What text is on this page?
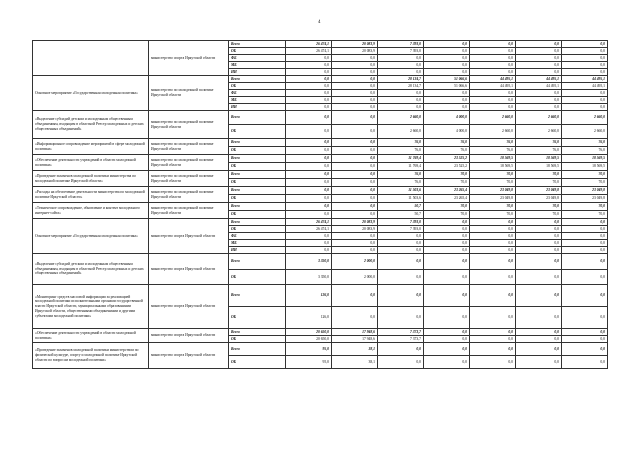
4
	министерство спорта Иркутской области	Всего	26 474,1	20 083,9	7 393,0	0,0	0,0	0,0	0,0
		ОБ	26 474,1	20 083,9	7 393,0	0,0	0,0	0,0	0,0
		ФБ	0,0	0,0	0,0	0,0	0,0	0,0	0,0
		МБ	0,0	0,0	0,0	0,0	0,0	0,0	0,0
		ИИ	0,0	0,0	0,0	0,0	0,0	0,0	0,0
Основное мероприятие «Государственная молодежная политика»	министерство по молодежной политике Иркутской области	Всего	0,0	0,0	28 134,7	51 066,6	44 495,1	44 495,1	44 495,1
		ОБ	0,0	0,0	28 134,7	51 066,6	44 495,1	44 495,1	44 495,1
		ФБ	0,0	0,0	0,0	0,0	0,0	0,0	0,0
		МБ	0,0	0,0	0,0	0,0	0,0	0,0	0,0
		ИИ	0,0	0,0	0,0	0,0	0,0	0,0	0,0
«Выделение субсидий детским и молодежным общественным объединениям, входящим в областной Реестр молодежных и детских общественных объединений»	министерство по молодежной политике Иркутской области	Всего	0,0	0,0	2 660,0	4 000,0	2 660,0	2 660,0	2 660,0
		ОБ	0,0	0,0	2 660,0	4 000,0	2 660,0	2 660,0	2 660,0
«Информационное сопровождение мероприятий в сфере молодежной политики»	министерство по молодежной политике Иркутской области	Всего	0,0	0,0	76,0	76,0	76,0	76,0	76,0
		ОБ	0,0	0,0	76,0	76,0	76,0	76,0	76,0
«Обеспечение деятельности учреждений в области молодежной политики»	министерство по молодежной политике Иркутской области	Всего	0,0	0,0	11 769,4	23 525,2	18 569,5	18 569,5	18 569,5
		ОБ	0,0	0,0	11 769,4	23 525,2	18 569,5	18 569,5	18 569,5
«Проведение экзаменов молодежной политики министерства по молодежной политике Иркутской области»	министерство по молодежной политике Иркутской области	Всего	0,0	0,0	76,0	70,0	70,0	70,0	70,0
		ОБ	0,0	0,0	76,0	70,0	70,0	70,0	70,0
«Расходы на обеспечение деятельности министерства по молодежной политике Иркутской области»	министерство по молодежной политике Иркутской области	Всего	0,0	0,0	11 503,6	23 265,4	23 049,8	23 049,8	23 049,8
		ОБ	0,0	0,0	11 503,6	23 265,4	23 049,8	23 049,8	23 049,8
«Техническое сопровождение, обновление и контент молодежного интернет-сайта»	министерство по молодежной политике Иркутской области	Всего	0,0	0,0	50,7	70,0	70,0	70,0	70,0
		ОБ	0,0	0,0	50,7	70,0	70,0	70,0	70,0
Основное мероприятие «Государственная молодежная политика»	министерство спорта Иркутской области	Всего	26 474,1	20 083,9	7 393,0	0,0	0,0	0,0	0,0
		ОБ	26 474,1	20 083,9	7 393,0	0,0	0,0	0,0	0,0
		ФБ	0,0	0,0	0,0	0,0	0,0	0,0	0,0
		МБ	0,0	0,0	0,0	0,0	0,0	0,0	0,0
		ИИ	0,0	0,0	0,0	0,0	0,0	0,0	0,0
«Выделение субсидий детским и молодежным общественным объединениям, входящим в областной Реестр молодежных и детских общественных объединений»	министерство спорта Иркутской области	Всего	3 350,0	2 000,0	0,0	0,0	0,0	0,0	0,0
		ОБ	3 350,0	2 000,0	0,0	0,0	0,0	0,0	0,0
«Мониторинг средств массовой информации за реализацией молодежной политики исполнительными органами государственной власти Иркутской области, муниципальными образованиями Иркутской области, общественными объединениями и другими субъектами молодежной политики»	министерство спорта Иркутской области	Всего	126,0	0,0	0,0	0,0	0,0	0,0	0,0
		ОБ	126,0	0,0	0,0	0,0	0,0	0,0	0,0
«Обеспечение деятельности учреждений в области молодежной политики»	министерство спорта Иркутской области	Всего	20 650,0	17 948,6	7 373,7	0,0	0,0	0,0	0,0
		ОБ	20 650,0	17 948,6	7 373,7	0,0	0,0	0,0	0,0
«Проведение экзаменов молодежной политики министерством по физической культуре, спорту и молодежной политике Иркутской области по вопросам молодежной политики»	министерство спорта Иркутской области	Всего	95,0	38,1	0,0	0,0	0,0	0,0	0,0
		ОБ	95,0	38,1	0,0	0,0	0,0	0,0	0,0
